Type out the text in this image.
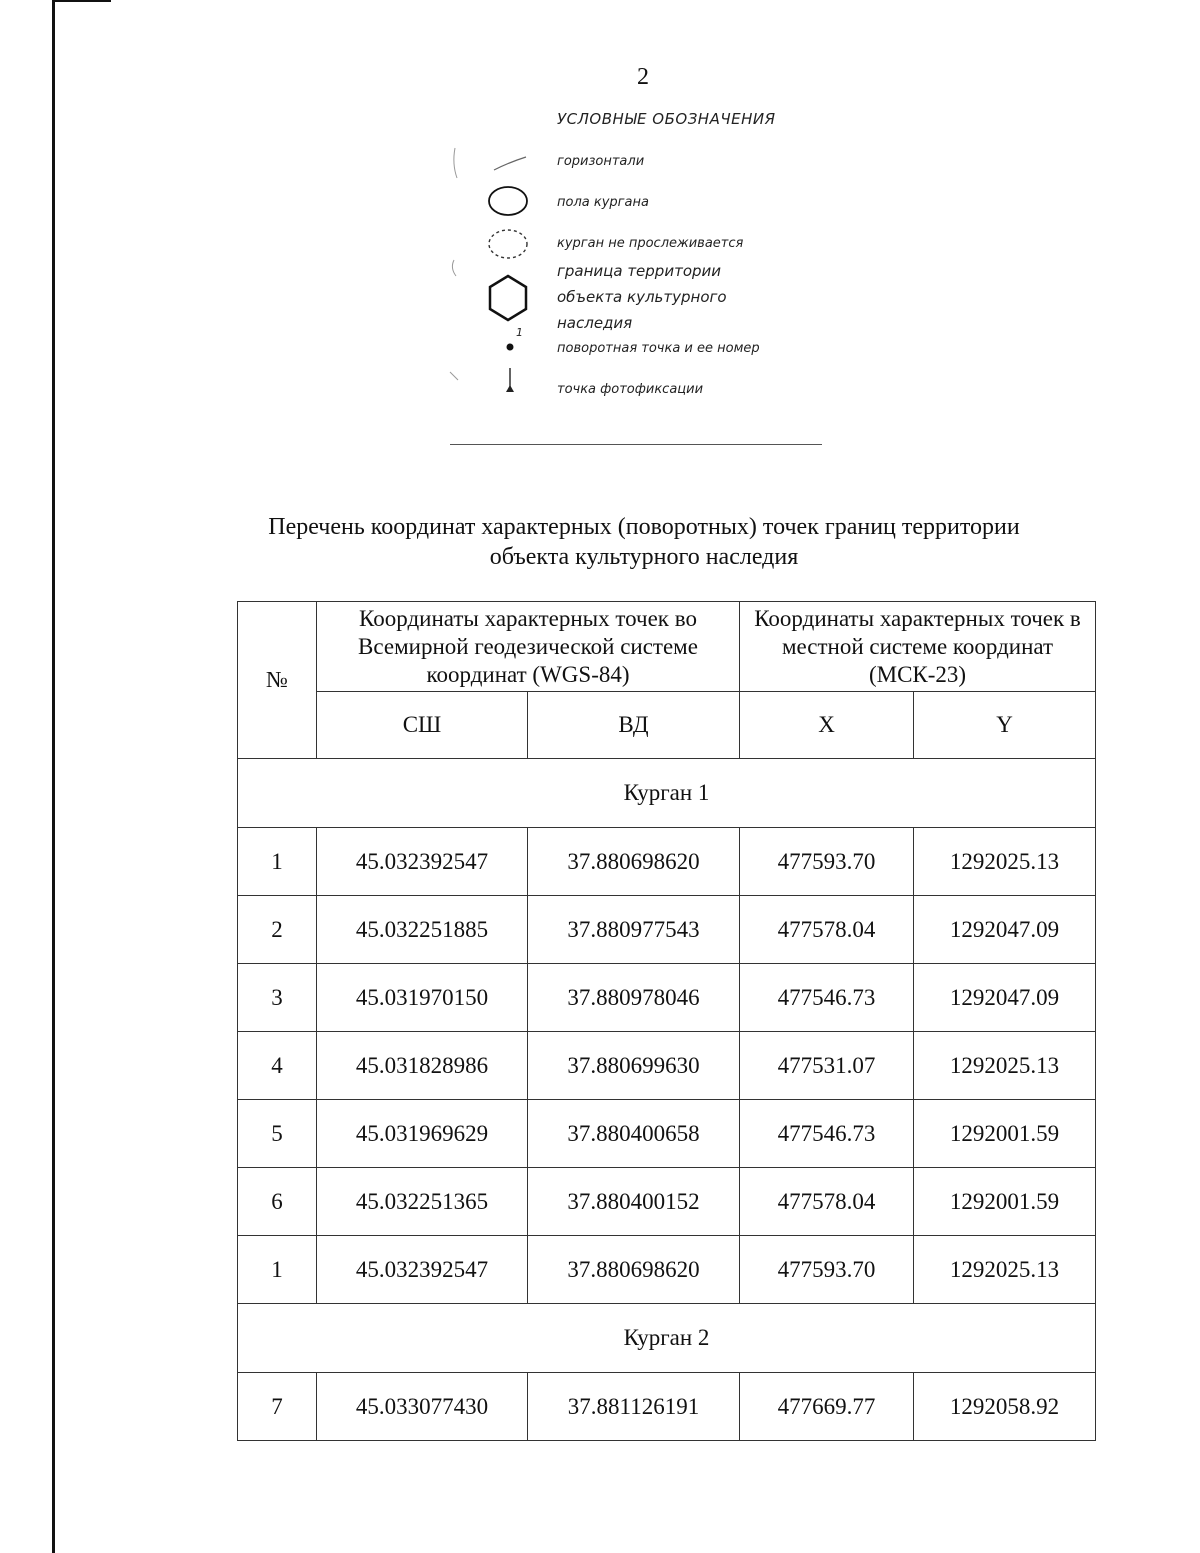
2
1
УСЛОВНЫЕ ОБОЗНАЧЕНИЯ
горизонтали
пола кургана
курган не прослеживается
граница территории
объекта культурного
наследия
поворотная точка и ее номер
точка фотофиксации
Перечень координат характерных (поворотных) точек границ территории
объекта культурного наследия
№	Координаты характерных точек во Всемирной геодезической системе координат (WGS-84)		Координаты характерных точек в местной системе координат (МСК-23)	
	СШ	ВД	X	Y
Курган 1				
1	45.032392547	37.880698620	477593.70	1292025.13
2	45.032251885	37.880977543	477578.04	1292047.09
3	45.031970150	37.880978046	477546.73	1292047.09
4	45.031828986	37.880699630	477531.07	1292025.13
5	45.031969629	37.880400658	477546.73	1292001.59
6	45.032251365	37.880400152	477578.04	1292001.59
1	45.032392547	37.880698620	477593.70	1292025.13
Курган 2				
7	45.033077430	37.881126191	477669.77	1292058.92
